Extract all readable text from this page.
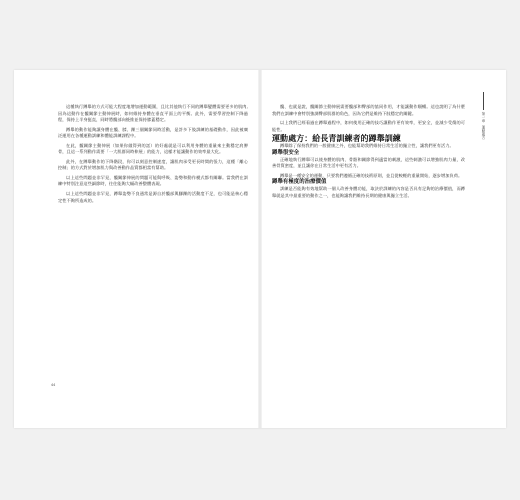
這種執行蹲舉的方式可能大程度地增加運動範圍，且比其他執行不同的蹲舉變體需要更多的肌肉,因為這動作在髖關節主動伸展時，如何維持身體在垂直平面上的平衡。此外，需要學習控制下降過程，保持上半身挺直，同時將髖部向後推並保持膝蓋穩定。

蹲舉的動作能夠讓身體在髖、膝、踝三個關節同時活動，是許多下肢訓練的基礎動作，因此被廣泛運用在各種運動訓練和體能訓練課程中。

在此，髖關節主動伸展（如果你做得到的話）的好處就是可以利用身體的重量來主動穩定肩胛骨，且這一系列動作需要「一大肌群同時伸展」的能力，這樣才能讓動作的效率最大化。

此外，在蹲舉動作的下降階段，你可以刻意控制速度，讓肌肉承受更長時間的張力，這種「離心控制」的方式對於增加肌力與改善動作品質都相當有幫助。

以上這些問題並非罕見，髖關節伸展的問題可能與呼吸、姿勢和動作模式都有關聯。當我們在訓練中特別注意這些細節時，往往能夠大幅改善整體表現。

以上這些問題並非罕見，蹲舉姿勢不良通常是源自於髖部與腳踝的活動度不足，也可能是核心穩定性不夠所造成的。

44
第一章　運動處方

髖、也就是說，髖關節主動伸展需要髖部和臀部的協同作用，才能讓動作順暢。這也說明了為什麼我們在訓練中會特別強調臀部肌群的角色，因為它們是維持下肢穩定的關鍵。

以上我們已經看過在蹲舉過程中，如何使用正確的技巧讓動作更有效率，更安全，並減少受傷的可能性。

運動處方：給長青訓練者的蹲舉訓練

蹲舉除了保持我們的一般健康之外，也能幫助我們維持日常生活的獨立性，讓我們更有活力。

蹲舉很安全

正確地執行蹲舉可以使身體的肌肉、骨骼和關節得到適當的刺激，這些刺激可以增強肌肉力量，改善骨質密度，並且讓你在日常生活中更有活力。

蹲舉是一種安全的運動，只要我們遵循正確的技術原則，並且從較輕的重量開始，逐步增加負荷。

蹲舉有極度的治療價值

訓練是否能夠有效地幫助一個人改善身體功能，取決於訓練的內容是否具有足夠的治療價值，而蹲舉就是其中最重要的動作之一，也能夠讓我們維持長期的健康與獨立生活。
